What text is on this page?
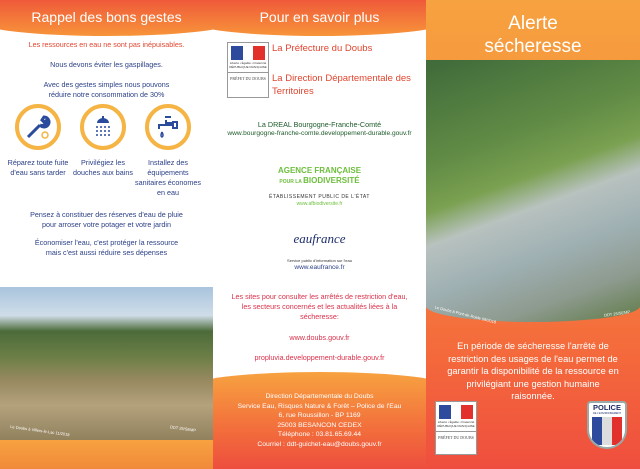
Rappel des bons gestes
Les ressources en eau ne sont pas inépuisables.
Nous devons éviter les gaspillages.
Avec des gestes simples nous pouvons réduire notre consommation de 30%
Réparez toute fuite d'eau sans tarder
Privilégiez les douches aux bains
Installez des équipements sanitaires économes en eau
Pensez à constituer des réserves d'eau de pluie pour arroser votre potager et votre jardin
Économiser l'eau, c'est protéger la ressource mais c'est aussi réduire ses dépenses
Le Doubs à Villers-le-Lac 11/2018	DDT 25/SEMP
Pour en savoir plus
Liberté • Égalité • Fraternité RÉPUBLIQUE FRANÇAISE
PRÉFET DU DOUBS
La Préfecture du Doubs
La Direction Départementale des Territoires
La DREAL Bourgogne-Franche-Comté
www.bourgogne-franche-comte.developpement-durable.gouv.fr
AGENCE FRANÇAISE
POUR LA BIODIVERSITÉ
ÉTABLISSEMENT PUBLIC DE L'ÉTAT
www.afbiodiversite.fr
eaufrance
Service public d'information sur l'eau
www.eaufrance.fr
Les sites pour consulter les arrêtés de restriction d'eau, les secteurs concernés et les actualités liées à la sécheresse:
www.doubs.gouv.fr
propluvia.developpement-durable.gouv.fr
Direction Départementale du Doubs
Service Eau, Risques Nature & Forêt – Police de l'Eau
6, rue Roussillon - BP 1169
25003 BESANCON CEDEX
Téléphone : 03.81.65.69.44
Courriel : ddt-guichet-eau@doubs.gouv.fr
Alerte
sécheresse
Le Doubs à Pont-de-Roide 09/2018	DDT 25/SEMP
En période de sécheresse l'arrêté de restriction des usages de l'eau permet de garantir la disponibilité de la ressource en privilégiant une gestion humaine raisonnée.
Liberté • Égalité • Fraternité RÉPUBLIQUE FRANÇAISE
PRÉFET DU DOUBS
POLICE
DE L'ENVIRONNEMENT
